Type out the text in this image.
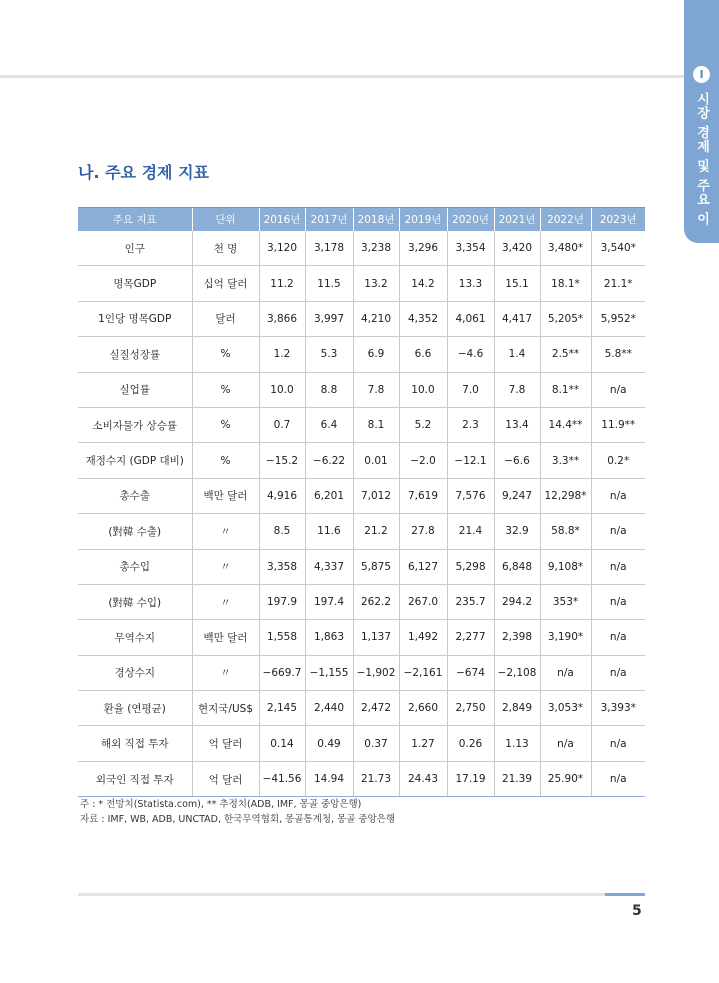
Ⅰ
시장 경제 및 주요 이슈
나. 주요 경제 지표
주요 지표	단위	2016년	2017년	2018년	2019년	2020년	2021년	2022년	2023년
인구	천 명	3,120	3,178	3,238	3,296	3,354	3,420	3,480*	3,540*
명목GDP	십억 달러	11.2	11.5	13.2	14.2	13.3	15.1	18.1*	21.1*
1인당 명목GDP	달러	3,866	3,997	4,210	4,352	4,061	4,417	5,205*	5,952*
실질성장률	%	1.2	5.3	6.9	6.6	−4.6	1.4	2.5**	5.8**
실업률	%	10.0	8.8	7.8	10.0	7.0	7.8	8.1**	n/a
소비자물가 상승률	%	0.7	6.4	8.1	5.2	2.3	13.4	14.4**	11.9**
재정수지 (GDP 대비)	%	−15.2	−6.22	0.01	−2.0	−12.1	−6.6	3.3**	0.2*
총수출	백만 달러	4,916	6,201	7,012	7,619	7,576	9,247	12,298*	n/a
(對韓 수출)	〃	8.5	11.6	21.2	27.8	21.4	32.9	58.8*	n/a
총수입	〃	3,358	4,337	5,875	6,127	5,298	6,848	9,108*	n/a
(對韓 수입)	〃	197.9	197.4	262.2	267.0	235.7	294.2	353*	n/a
무역수지	백만 달러	1,558	1,863	1,137	1,492	2,277	2,398	3,190*	n/a
경상수지	〃	−669.7	−1,155	−1,902	−2,161	−674	−2,108	n/a	n/a
환율 (연평균)	현지국/US$	2,145	2,440	2,472	2,660	2,750	2,849	3,053*	3,393*
해외 직접 투자	억 달러	0.14	0.49	0.37	1.27	0.26	1.13	n/a	n/a
외국인 직접 투자	억 달러	−41.56	14.94	21.73	24.43	17.19	21.39	25.90*	n/a

주 : * 전망치(Statista.com), ** 추정치(ADB, IMF, 몽골 중앙은행)

자료 : IMF, WB, ADB, UNCTAD, 한국무역협회, 몽골통계청, 몽골 중앙은행

5
